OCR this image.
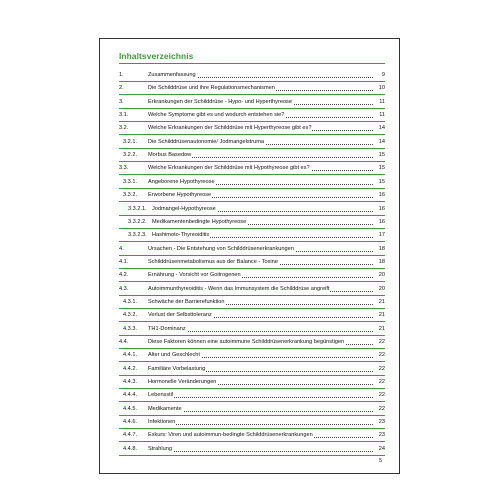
Inhaltsverzeichnis
1.	Zusammenfassung	9
2.	Die Schilddrüse und ihre Regulationsmechanismen	10
3.	Erkrankungen der Schilddrüse - Hypo- und Hyperthyreose	11
3.1.	Welche Symptome gibt es und wodurch entstehen sie?	11
3.2.	Welche Erkrankungen der Schilddrüse mit Hyperthyreose gibt es?	14
3.2.1. Die Schilddrüsenautonomie/ Jodmangelstruma	14
3.2.2. Morbus Basedow	15
3.3.	Welche Erkrankungen der Schilddrüse mit Hypothyreose gibt es?	15
3.3.1. Angeborene Hypothyreose	15
3.3.2. Erworbene Hypothyreose	16
3.3.2.1. Jodmangel-Hypothyreose	16
3.3.2.2. Medikamentenbedingte Hypothyreose	16
3.3.2.3. Hashimoto-Thyreoiditis	17
4.	Ursachen - Die Entstehung von Schilddrüsenerkrankungen	18
4.1.	Schilddrüsenmetabolismus aus der Balance - Toxine	18
4.2.	Ernährung - Vorsicht vor Goitrogenen	20
4.3.	Autoimmunthyreoiditis - Wenn das Immunsystem die Schilddrüse angreift	20
4.3.1. Schwäche der Barrierefunktion	21
4.3.2. Verlust der Selbsttoleranz	21
4.3.3. TH1-Dominanz	21
4.4.	Diese Faktoren können eine autoimmune Schilddrüsenerkrankung begünstigen	22
4.4.1. Alter und Geschlecht	22
4.4.2. Familiäre Vorbelastung	22
4.4.3. Hormonelle Veränderungen	22
4.4.4. Lebensstil	22
4.4.5. Medikamente	22
4.4.6. Infektionen	23
4.4.7. Exkurs: Viren und autoimmun-bedingte Schilddrüsenerkrankungen	23
4.4.8. Strahlung	24
5
